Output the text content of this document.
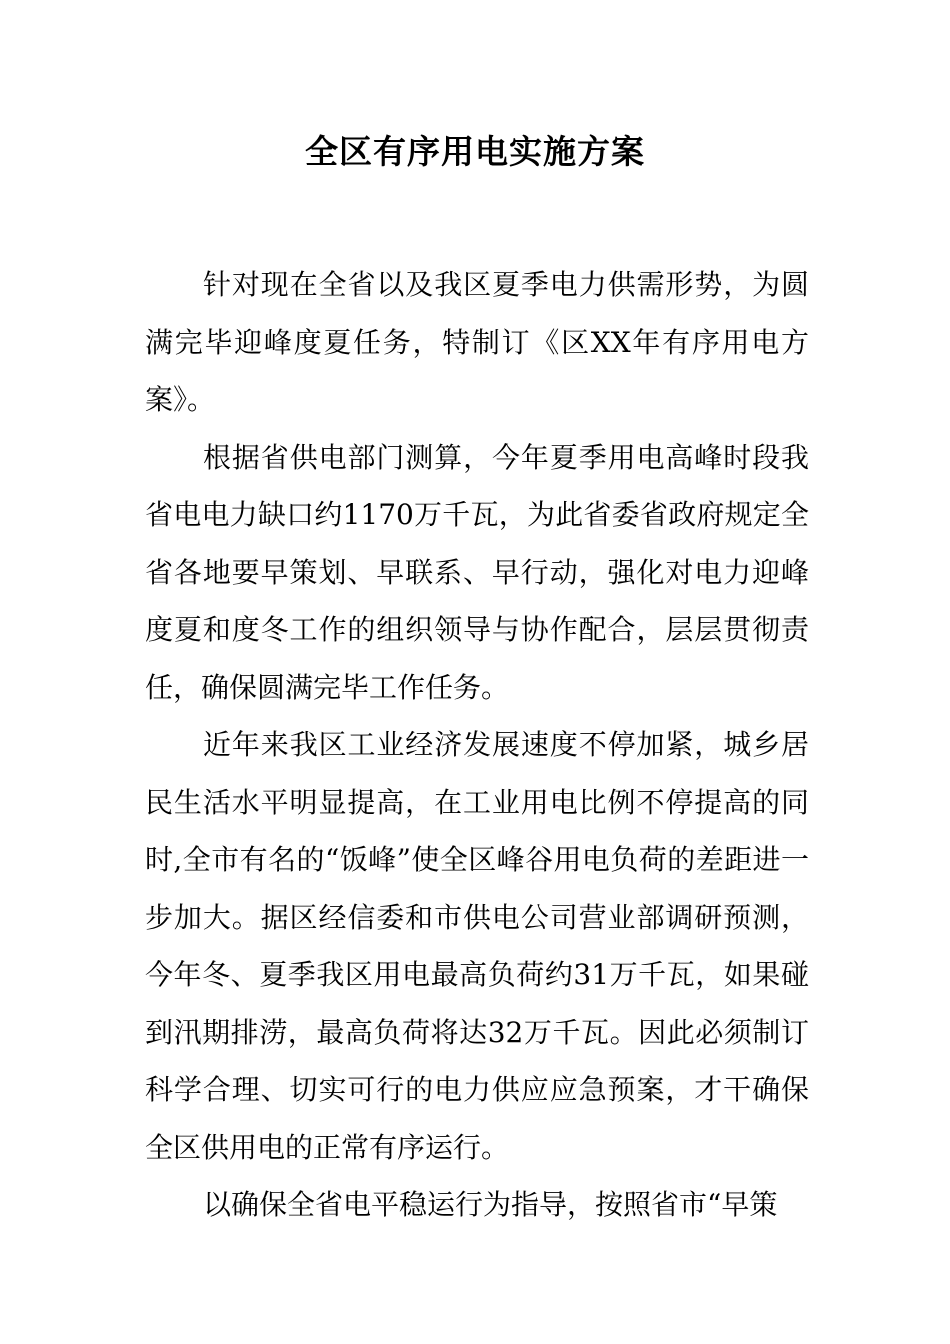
全区有序用电实施方案

针对现在全省以及我区夏季电力供需形势，为圆满完毕迎峰度夏任务，特制订《区XX年有序用电方案》。

根据省供电部门测算，今年夏季用电高峰时段我省电电力缺口约1170万千瓦，为此省委省政府规定全省各地要早策划、早联系、早行动，强化对电力迎峰度夏和度冬工作的组织领导与协作配合，层层贯彻责任，确保圆满完毕工作任务。

近年来我区工业经济发展速度不停加紧，城乡居民生活水平明显提高，在工业用电比例不停提高的同时,全市有名的“饭峰”使全区峰谷用电负荷的差距进一步加大。据区经信委和市供电公司营业部调研预测，今年冬、夏季我区用电最高负荷约31万千瓦，如果碰到汛期排涝，最高负荷将达32万千瓦。因此必须制订科学合理、切实可行的电力供应应急预案，才干确保全区供用电的正常有序运行。

以确保全省电平稳运行为指导，按照省市“早策
